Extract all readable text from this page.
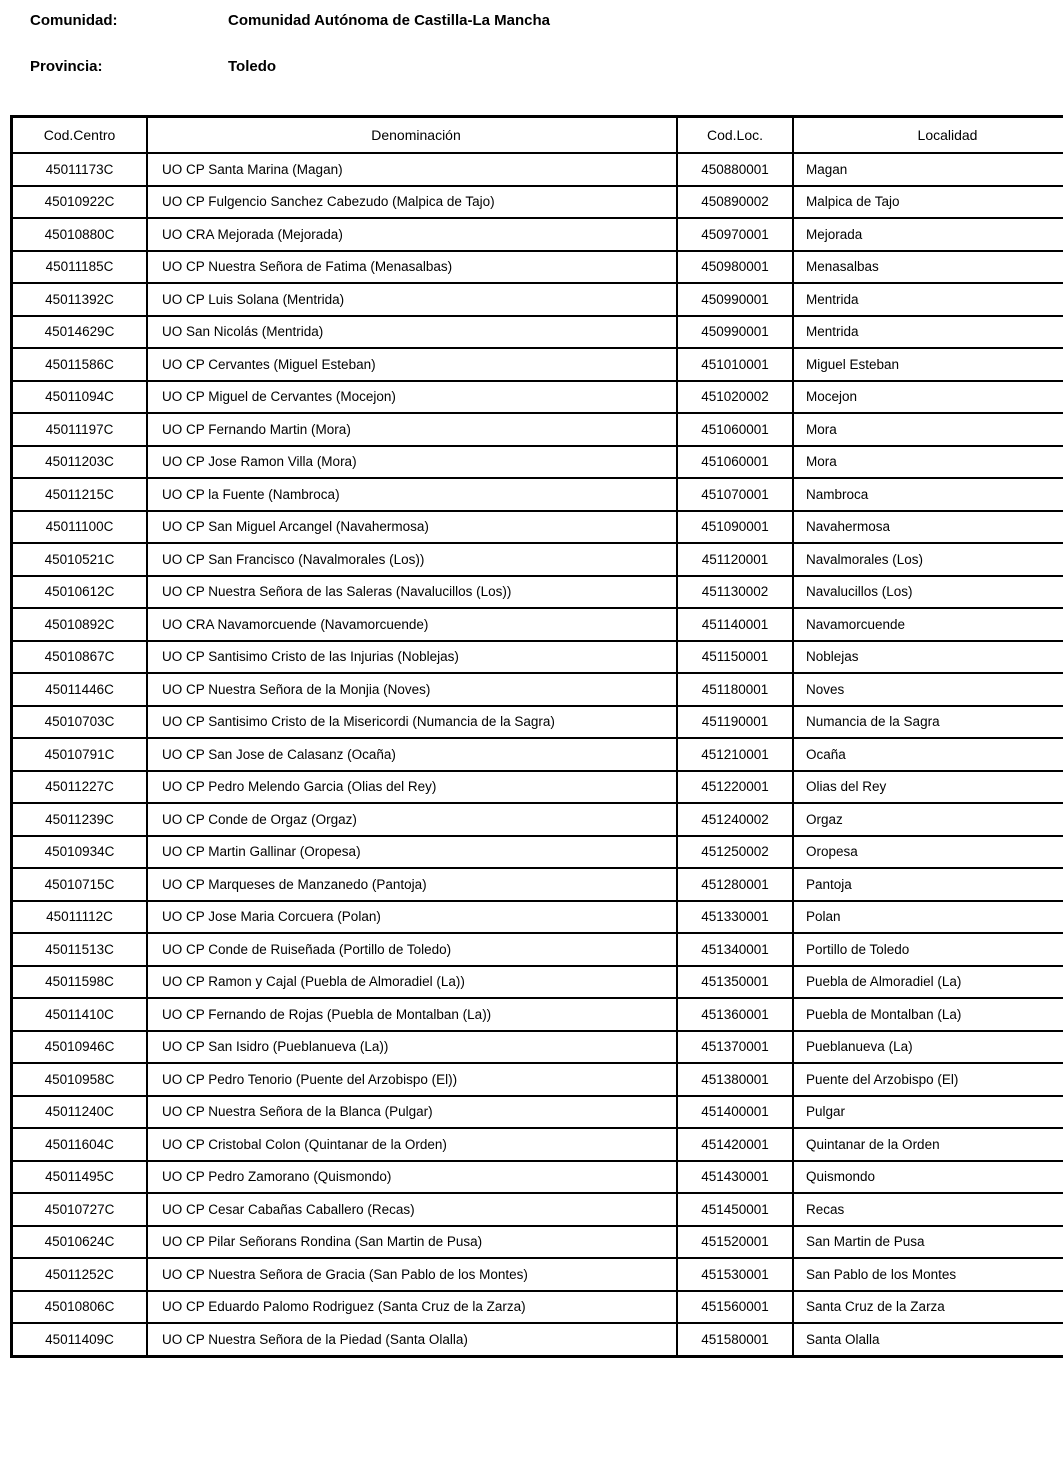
Comunidad:	Comunidad Autónoma de Castilla-La Mancha
Provincia:	Toledo
Cod.Centro	Denominación	Cod.Loc.	Localidad
45011173C	UO CP Santa Marina (Magan)	450880001	Magan
45010922C	UO CP Fulgencio Sanchez Cabezudo (Malpica de Tajo)	450890002	Malpica de Tajo
45010880C	UO CRA Mejorada (Mejorada)	450970001	Mejorada
45011185C	UO CP Nuestra Señora de Fatima (Menasalbas)	450980001	Menasalbas
45011392C	UO CP Luis Solana (Mentrida)	450990001	Mentrida
45014629C	UO San Nicolás (Mentrida)	450990001	Mentrida
45011586C	UO CP Cervantes (Miguel Esteban)	451010001	Miguel Esteban
45011094C	UO CP Miguel de Cervantes (Mocejon)	451020002	Mocejon
45011197C	UO CP Fernando Martin (Mora)	451060001	Mora
45011203C	UO CP Jose Ramon Villa (Mora)	451060001	Mora
45011215C	UO CP la Fuente (Nambroca)	451070001	Nambroca
45011100C	UO CP San Miguel Arcangel (Navahermosa)	451090001	Navahermosa
45010521C	UO CP San Francisco (Navalmorales (Los))	451120001	Navalmorales (Los)
45010612C	UO CP Nuestra Señora de las Saleras (Navalucillos (Los))	451130002	Navalucillos (Los)
45010892C	UO CRA Navamorcuende (Navamorcuende)	451140001	Navamorcuende
45010867C	UO CP Santisimo Cristo de las Injurias (Noblejas)	451150001	Noblejas
45011446C	UO CP Nuestra Señora de la Monjia (Noves)	451180001	Noves
45010703C	UO CP Santisimo Cristo de la Misericordi (Numancia de la Sagra)	451190001	Numancia de la Sagra
45010791C	UO CP San Jose de Calasanz (Ocaña)	451210001	Ocaña
45011227C	UO CP Pedro Melendo Garcia (Olias del Rey)	451220001	Olias del Rey
45011239C	UO CP Conde de Orgaz (Orgaz)	451240002	Orgaz
45010934C	UO CP Martin Gallinar (Oropesa)	451250002	Oropesa
45010715C	UO CP Marqueses de Manzanedo (Pantoja)	451280001	Pantoja
45011112C	UO CP Jose Maria Corcuera (Polan)	451330001	Polan
45011513C	UO CP Conde de Ruiseñada (Portillo de Toledo)	451340001	Portillo de Toledo
45011598C	UO CP Ramon y Cajal (Puebla de Almoradiel (La))	451350001	Puebla de Almoradiel (La)
45011410C	UO CP Fernando de Rojas (Puebla de Montalban (La))	451360001	Puebla de Montalban (La)
45010946C	UO CP San Isidro (Pueblanueva (La))	451370001	Pueblanueva (La)
45010958C	UO CP Pedro Tenorio (Puente del Arzobispo (El))	451380001	Puente del Arzobispo (El)
45011240C	UO CP Nuestra Señora de la Blanca (Pulgar)	451400001	Pulgar
45011604C	UO CP Cristobal Colon (Quintanar de la Orden)	451420001	Quintanar de la Orden
45011495C	UO CP Pedro Zamorano (Quismondo)	451430001	Quismondo
45010727C	UO CP Cesar Cabañas Caballero (Recas)	451450001	Recas
45010624C	UO CP Pilar Señorans Rondina (San Martin de Pusa)	451520001	San Martin de Pusa
45011252C	UO CP Nuestra Señora de Gracia (San Pablo de los Montes)	451530001	San Pablo de los Montes
45010806C	UO CP Eduardo Palomo Rodriguez (Santa Cruz de la Zarza)	451560001	Santa Cruz de la Zarza
45011409C	UO CP Nuestra Señora de la Piedad (Santa Olalla)	451580001	Santa Olalla
